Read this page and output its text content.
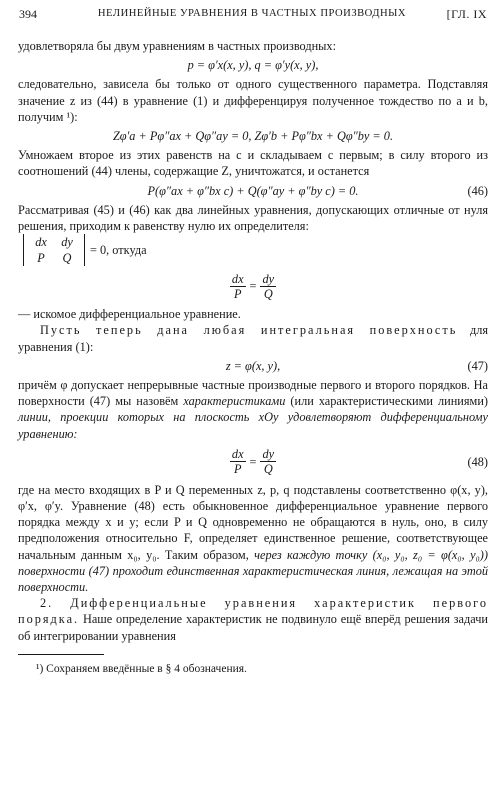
394	НЕЛИНЕЙНЫЕ УРАВНЕНИЯ В ЧАСТНЫХ ПРОИЗВОДНЫХ	[ГЛ. IX

удовлетворяла бы двум уравнениям в частных производных:

p = φ′x(x, y), q = φ′y(x, y),

следовательно, зависела бы только от одного существенного параметра. Подставляя значение z из (44) в уравнение (1) и дифференцируя полученное тождество по a и b, получим ¹):

Zφ′a + Pφ″ax + Qφ″ay = 0, Zφ′b + Pφ″bx + Qφ″by = 0.

Умножаем второе из этих равенств на c и складываем с первым; в силу второго из соотношений (44) члены, содержащие Z, уничтожатся, и останется

P(φ″ax + φ″bx c) + Q(φ″ay + φ″by c) = 0.	(46)

Рассматривая (45) и (46) как два линейных уравнения, допускающих отличные от нуля решения, приходим к равенству нулю их определителя:

dx	dy
P	Q
= 0, откуда
$\frac{dx}{P} = \frac{dy}{Q}$

— искомое дифференциальное уравнение.

Пусть теперь дана любая интегральная поверхность для уравнения (1):

z = φ(x, y),	(47)

причём φ допускает непрерывные частные производные первого и второго порядков. На поверхности (47) мы назовём характеристиками (или характеристическими линиями) линии, проекции которых на плоскость xOy удовлетворяют дифференциальному уравнению:

$\frac{dx}{P} = \frac{dy}{Q}$	(48)

где на место входящих в P и Q переменных z, p, q подставлены соответственно φ(x, y), φ′x, φ′y. Уравнение (48) есть обыкновенное дифференциальное уравнение первого порядка между x и y; если P и Q одновременно не обращаются в нуль, оно, в силу предположения относительно F, определяет единственное решение, соответствующее начальным данным x₀, y₀. Таким образом, через каждую точку (x₀, y₀, z₀ = φ(x₀, y₀)) поверхности (47) проходит единственная характеристическая линия, лежащая на этой поверхности.

2. Дифференциальные уравнения характеристик первого порядка. Наше определение характеристик не подвинуло ещё вперёд решения задачи об интегрировании уравнения

¹) Сохраняем введённые в § 4 обозначения.
